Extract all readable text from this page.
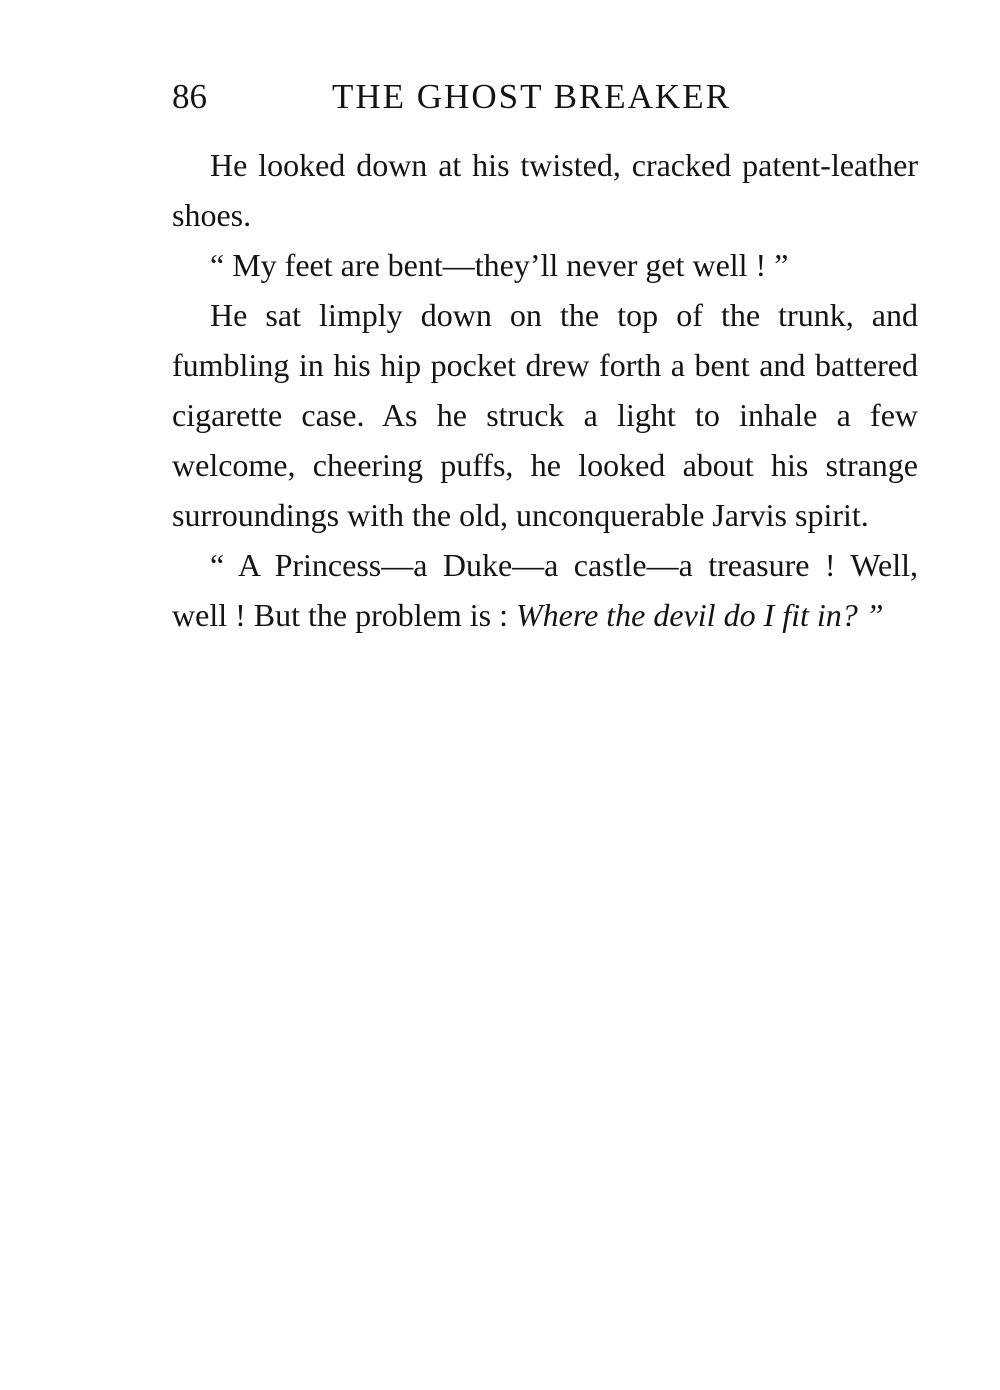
86	THE GHOST BREAKER

He looked down at his twisted, cracked patent-leather shoes.

“ My feet are bent—they’ll never get well ! ”

He sat limply down on the top of the trunk, and fumbling in his hip pocket drew forth a bent and battered cigarette case. As he struck a light to inhale a few welcome, cheering puffs, he looked about his strange surroundings with the old, unconquerable Jarvis spirit.

“ A Princess—a Duke—a castle—a treasure ! Well, well ! But the problem is : Where the devil do I fit in? ”
